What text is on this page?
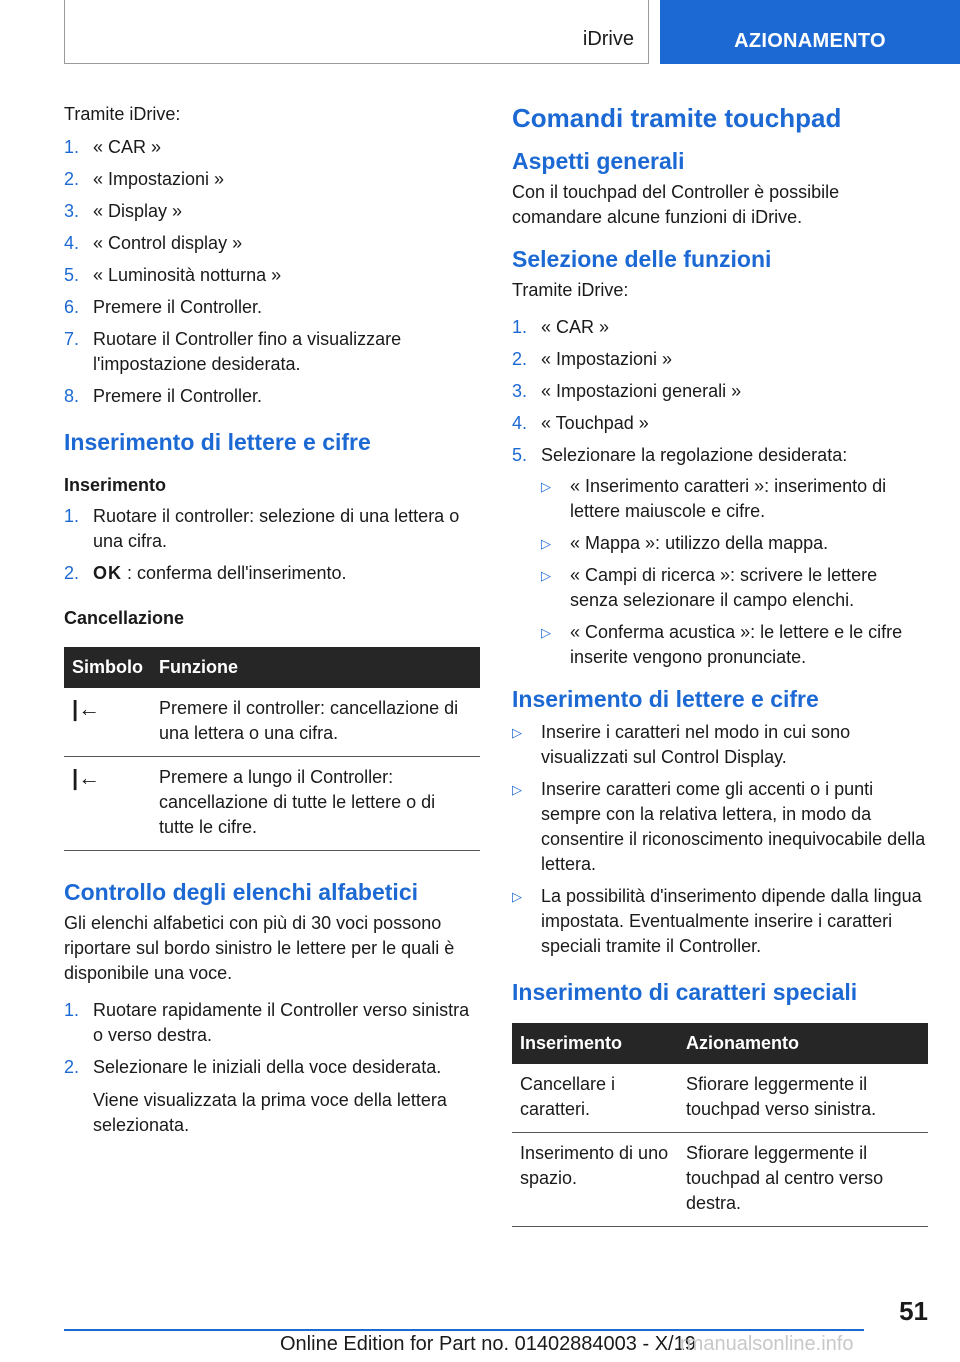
iDrive	AZIONAMENTO

Tramite iDrive:

1. « CAR »
2. « Impostazioni »
3. « Display »
4. « Control display »
5. « Luminosità notturna »
6. Premere il Controller.
7. Ruotare il Controller fino a visualizzare l'impostazione desiderata.
8. Premere il Controller.
Inserimento di lettere e cifre
Inserimento
1. Ruotare il controller: selezione di una lettera o una cifra.
2. OK : conferma dell'inserimento.
Cancellazione
Simbolo	Funzione
|←	Premere il controller: cancellazione di una lettera o una cifra.
|←	Premere a lungo il Controller: cancellazione di tutte le lettere o di tutte le cifre.
Controllo degli elenchi alfabetici

Gli elenchi alfabetici con più di 30 voci possono riportare sul bordo sinistro le lettere per le quali è disponibile una voce.

1. Ruotare rapidamente il Controller verso sinistra o verso destra.
2. Selezionare le iniziali della voce desiderata.
Viene visualizzata la prima voce della lettera selezionata.
Comandi tramite touchpad
Aspetti generali

Con il touchpad del Controller è possibile comandare alcune funzioni di iDrive.

Selezione delle funzioni

Tramite iDrive:

1. « CAR »
2. « Impostazioni »
3. « Impostazioni generali »
4. « Touchpad »
5. Selezionare la regolazione desiderata:
▷ « Inserimento caratteri »: inserimento di lettere maiuscole e cifre.
▷ « Mappa »: utilizzo della mappa.
▷ « Campi di ricerca »: scrivere le lettere senza selezionare il campo elenchi.
▷ « Conferma acustica »: le lettere e le cifre inserite vengono pronunciate.
Inserimento di lettere e cifre
▷ Inserire i caratteri nel modo in cui sono visualizzati sul Control Display.
▷ Inserire caratteri come gli accenti o i punti sempre con la relativa lettera, in modo da consentire il riconoscimento inequivocabile della lettera.
▷ La possibilità d'inserimento dipende dalla lingua impostata. Eventualmente inserire i caratteri speciali tramite il Controller.
Inserimento di caratteri speciali
Inserimento	Azionamento
Cancellare i caratteri.	Sfiorare leggermente il touchpad verso sinistra.
Inserimento di uno spazio.	Sfiorare leggermente il touchpad al centro verso destra.
51
Online Edition for Part no. 01402884003 - X/19
rmanualsonline.info
